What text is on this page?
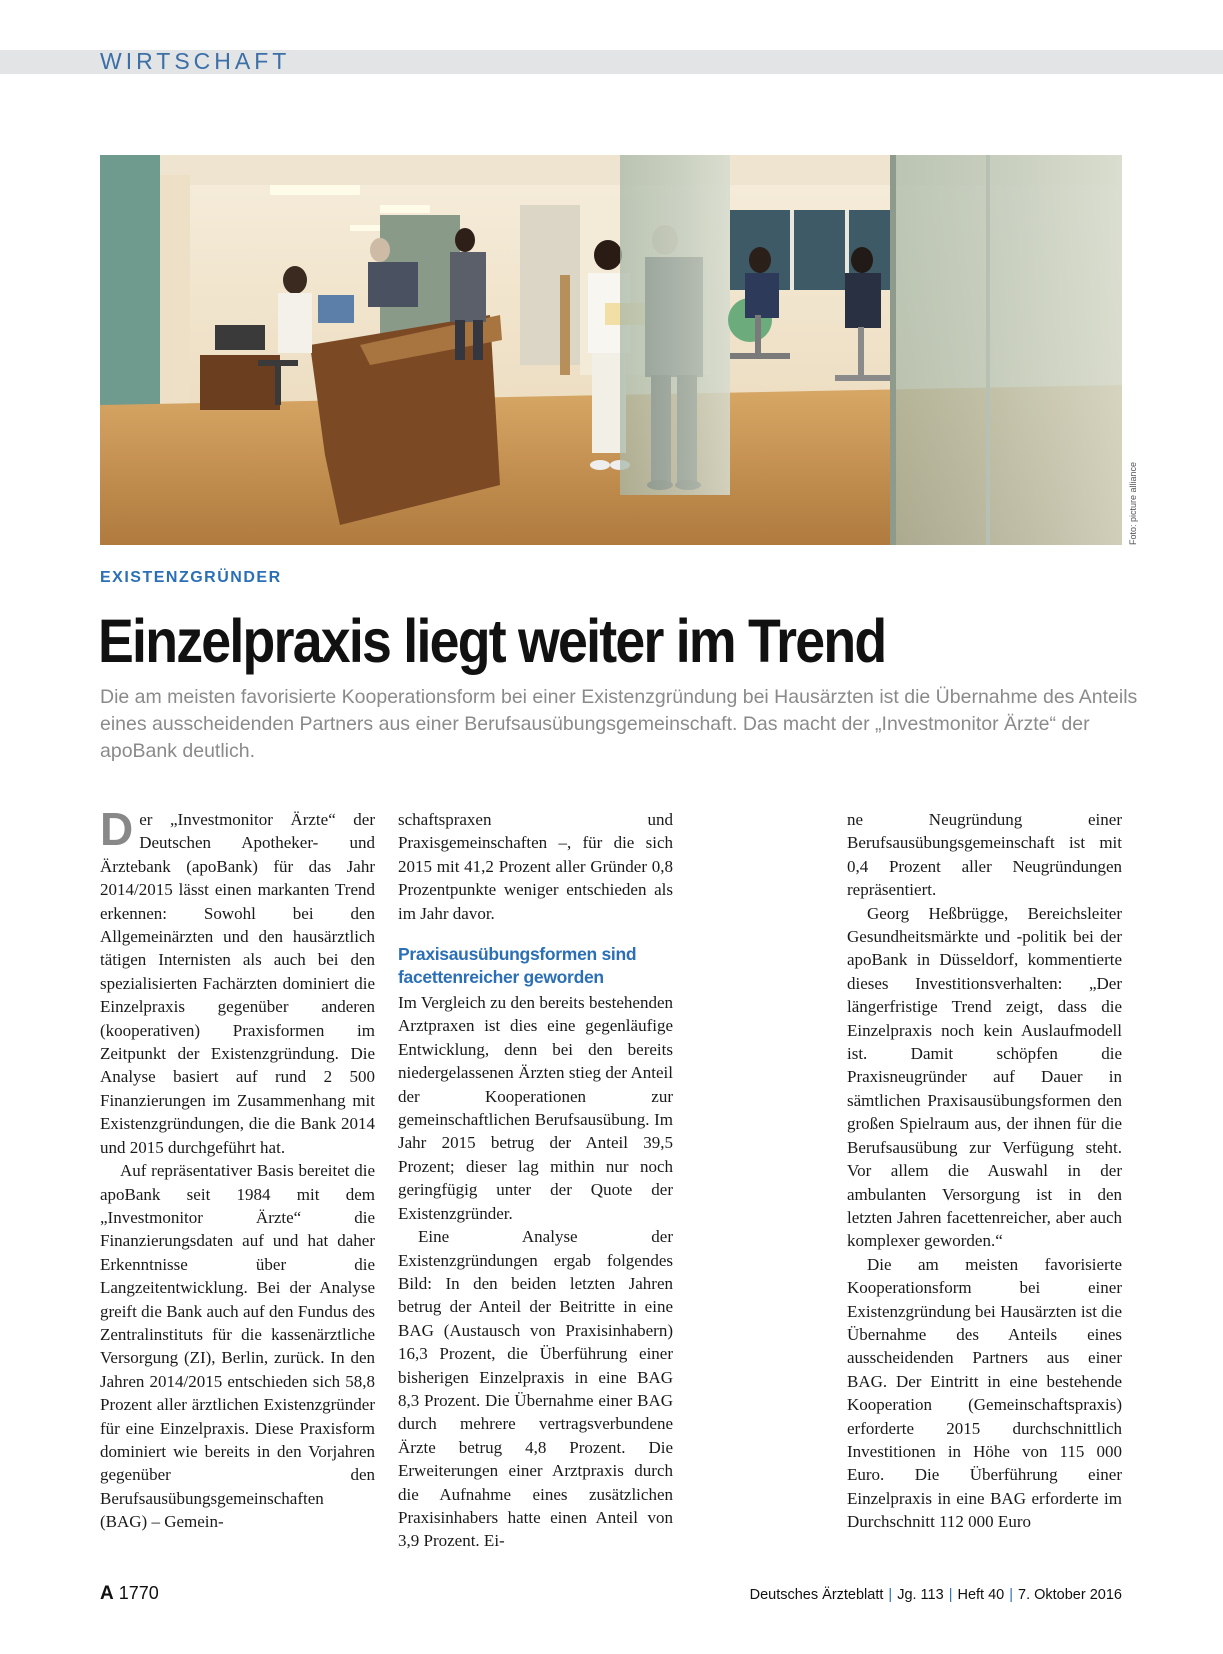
WIRTSCHAFT
Foto: picture alliance
EXISTENZGRÜNDER
Einzelpraxis liegt weiter im Trend

Die am meisten favorisierte Kooperationsform bei einer Existenzgründung bei Hausärzten ist die Übernahme des Anteils eines ausscheidenden Partners aus einer Berufsausübungsgemeinschaft. Das macht der „Investmonitor Ärzte“ der apoBank deutlich.

Der „Investmonitor Ärzte“ der Deutschen Apotheker- und Ärztebank (apoBank) für das Jahr 2014/2015 lässt einen markanten Trend erkennen: Sowohl bei den Allgemeinärzten und den hausärztlich tätigen Internisten als auch bei den spezialisierten Fachärzten dominiert die Einzelpraxis gegenüber anderen (kooperativen) Praxisformen im Zeitpunkt der Existenzgründung. Die Analyse basiert auf rund 2 500 Finanzierungen im Zusammenhang mit Existenzgründungen, die die Bank 2014 und 2015 durchgeführt hat.

Auf repräsentativer Basis bereitet die apoBank seit 1984 mit dem „Investmonitor Ärzte“ die Finanzierungsdaten auf und hat daher Erkenntnisse über die Langzeitentwicklung. Bei der Analyse greift die Bank auch auf den Fundus des Zentralinstituts für die kassenärztliche Versorgung (ZI), Berlin, zurück. In den Jahren 2014/2015 entschieden sich 58,8 Prozent aller ärztlichen Existenzgründer für eine Einzelpraxis. Diese Praxisform dominiert wie bereits in den Vorjahren gegenüber den Berufsausübungsgemeinschaften (BAG) – Gemein-

schaftspraxen und Praxisgemeinschaften –, für die sich 2015 mit 41,2 Prozent aller Gründer 0,8 Prozentpunkte weniger entschieden als im Jahr davor.

Praxisausübungsformen sind facettenreicher geworden

Im Vergleich zu den bereits bestehenden Arztpraxen ist dies eine gegenläufige Entwicklung, denn bei den bereits niedergelassenen Ärzten stieg der Anteil der Kooperationen zur gemeinschaftlichen Berufsausübung. Im Jahr 2015 betrug der Anteil 39,5 Prozent; dieser lag mithin nur noch geringfügig unter der Quote der Existenzgründer.

Eine Analyse der Existenzgründungen ergab folgendes Bild: In den beiden letzten Jahren betrug der Anteil der Beitritte in eine BAG (Austausch von Praxisinhabern) 16,3 Prozent, die Überführung einer bisherigen Einzelpraxis in eine BAG 8,3 Prozent. Die Übernahme einer BAG durch mehrere vertragsverbundene Ärzte betrug 4,8 Prozent. Die Erweiterungen einer Arztpraxis durch die Aufnahme eines zusätzlichen Praxisinhabers hatte einen Anteil von 3,9 Prozent. Ei-

ne Neugründung einer Berufsausübungsgemeinschaft ist mit 0,4 Prozent aller Neugründungen repräsentiert.

Georg Heßbrügge, Bereichsleiter Gesundheitsmärkte und -politik bei der apoBank in Düsseldorf, kommentierte dieses Investitionsverhalten: „Der längerfristige Trend zeigt, dass die Einzelpraxis noch kein Auslaufmodell ist. Damit schöpfen die Praxisneugründer auf Dauer in sämtlichen Praxisausübungsformen den großen Spielraum aus, der ihnen für die Berufsausübung zur Verfügung steht. Vor allem die Auswahl in der ambulanten Versorgung ist in den letzten Jahren facettenreicher, aber auch komplexer geworden.“

Die am meisten favorisierte Kooperationsform bei einer Existenzgründung bei Hausärzten ist die Übernahme des Anteils eines ausscheidenden Partners aus einer BAG. Der Eintritt in eine bestehende Kooperation (Gemeinschaftspraxis) erforderte 2015 durchschnittlich Investitionen in Höhe von 115 000 Euro. Die Überführung einer Einzelpraxis in eine BAG erforderte im Durchschnitt 112 000 Euro

A 1770	Deutsches Ärzteblatt | Jg. 113 | Heft 40 | 7. Oktober 2016
